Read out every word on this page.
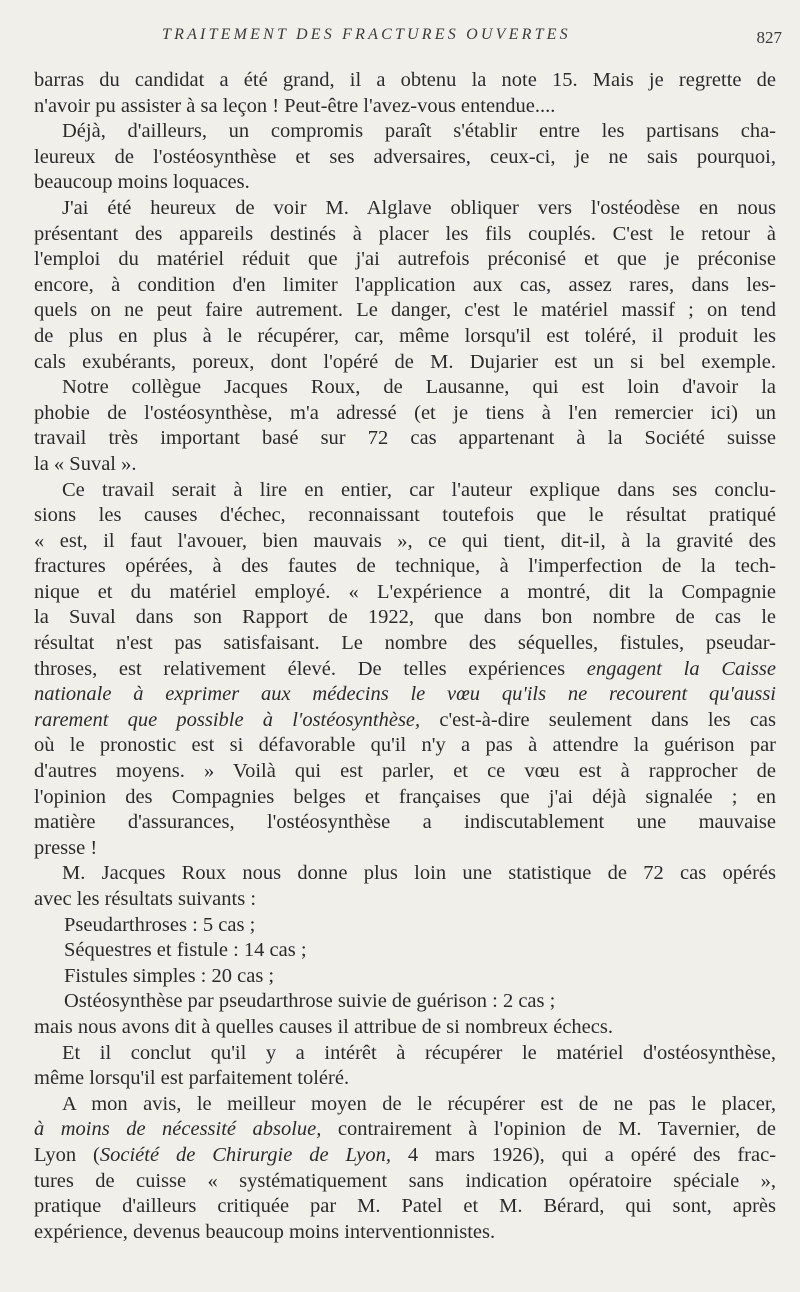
TRAITEMENT DES FRACTURES OUVERTES	827
barras du candidat a été grand, il a obtenu la note 15. Mais je regrette de
n'avoir pu assister à sa leçon ! Peut-être l'avez-vous entendue....
Déjà, d'ailleurs, un compromis paraît s'établir entre les partisans cha-
leureux de l'ostéosynthèse et ses adversaires, ceux-ci, je ne sais pourquoi,
beaucoup moins loquaces.
J'ai été heureux de voir M. Alglave obliquer vers l'ostéodèse en nous
présentant des appareils destinés à placer les fils couplés. C'est le retour à
l'emploi du matériel réduit que j'ai autrefois préconisé et que je préconise
encore, à condition d'en limiter l'application aux cas, assez rares, dans les-
quels on ne peut faire autrement. Le danger, c'est le matériel massif ; on tend
de plus en plus à le récupérer, car, même lorsqu'il est toléré, il produit les
cals exubérants, poreux, dont l'opéré de M. Dujarier est un si bel exemple.
Notre collègue Jacques Roux, de Lausanne, qui est loin d'avoir la
phobie de l'ostéosynthèse, m'a adressé (et je tiens à l'en remercier ici) un
travail très important basé sur 72 cas appartenant à la Société suisse
la « Suval ».
Ce travail serait à lire en entier, car l'auteur explique dans ses conclu-
sions les causes d'échec, reconnaissant toutefois que le résultat pratiqué
« est, il faut l'avouer, bien mauvais », ce qui tient, dit-il, à la gravité des
fractures opérées, à des fautes de technique, à l'imperfection de la tech-
nique et du matériel employé. « L'expérience a montré, dit la Compagnie
la Suval dans son Rapport de 1922, que dans bon nombre de cas le
résultat n'est pas satisfaisant. Le nombre des séquelles, fistules, pseudar-
throses, est relativement élevé. De telles expériences engagent la Caisse
nationale à exprimer aux médecins le vœu qu'ils ne recourent qu'aussi
rarement que possible à l'ostéosynthèse, c'est-à-dire seulement dans les cas
où le pronostic est si défavorable qu'il n'y a pas à attendre la guérison par
d'autres moyens. » Voilà qui est parler, et ce vœu est à rapprocher de
l'opinion des Compagnies belges et françaises que j'ai déjà signalée ; en
matière d'assurances, l'ostéosynthèse a indiscutablement une mauvaise
presse !
M. Jacques Roux nous donne plus loin une statistique de 72 cas opérés
avec les résultats suivants :
Pseudarthroses : 5 cas ;
Séquestres et fistule : 14 cas ;
Fistules simples : 20 cas ;
Ostéosynthèse par pseudarthrose suivie de guérison : 2 cas ;
mais nous avons dit à quelles causes il attribue de si nombreux échecs.
Et il conclut qu'il y a intérêt à récupérer le matériel d'ostéosynthèse,
même lorsqu'il est parfaitement toléré.
A mon avis, le meilleur moyen de le récupérer est de ne pas le placer,
à moins de nécessité absolue, contrairement à l'opinion de M. Tavernier, de
Lyon (Société de Chirurgie de Lyon, 4 mars 1926), qui a opéré des frac-
tures de cuisse « systématiquement sans indication opératoire spéciale »,
pratique d'ailleurs critiquée par M. Patel et M. Bérard, qui sont, après
expérience, devenus beaucoup moins interventionnistes.
